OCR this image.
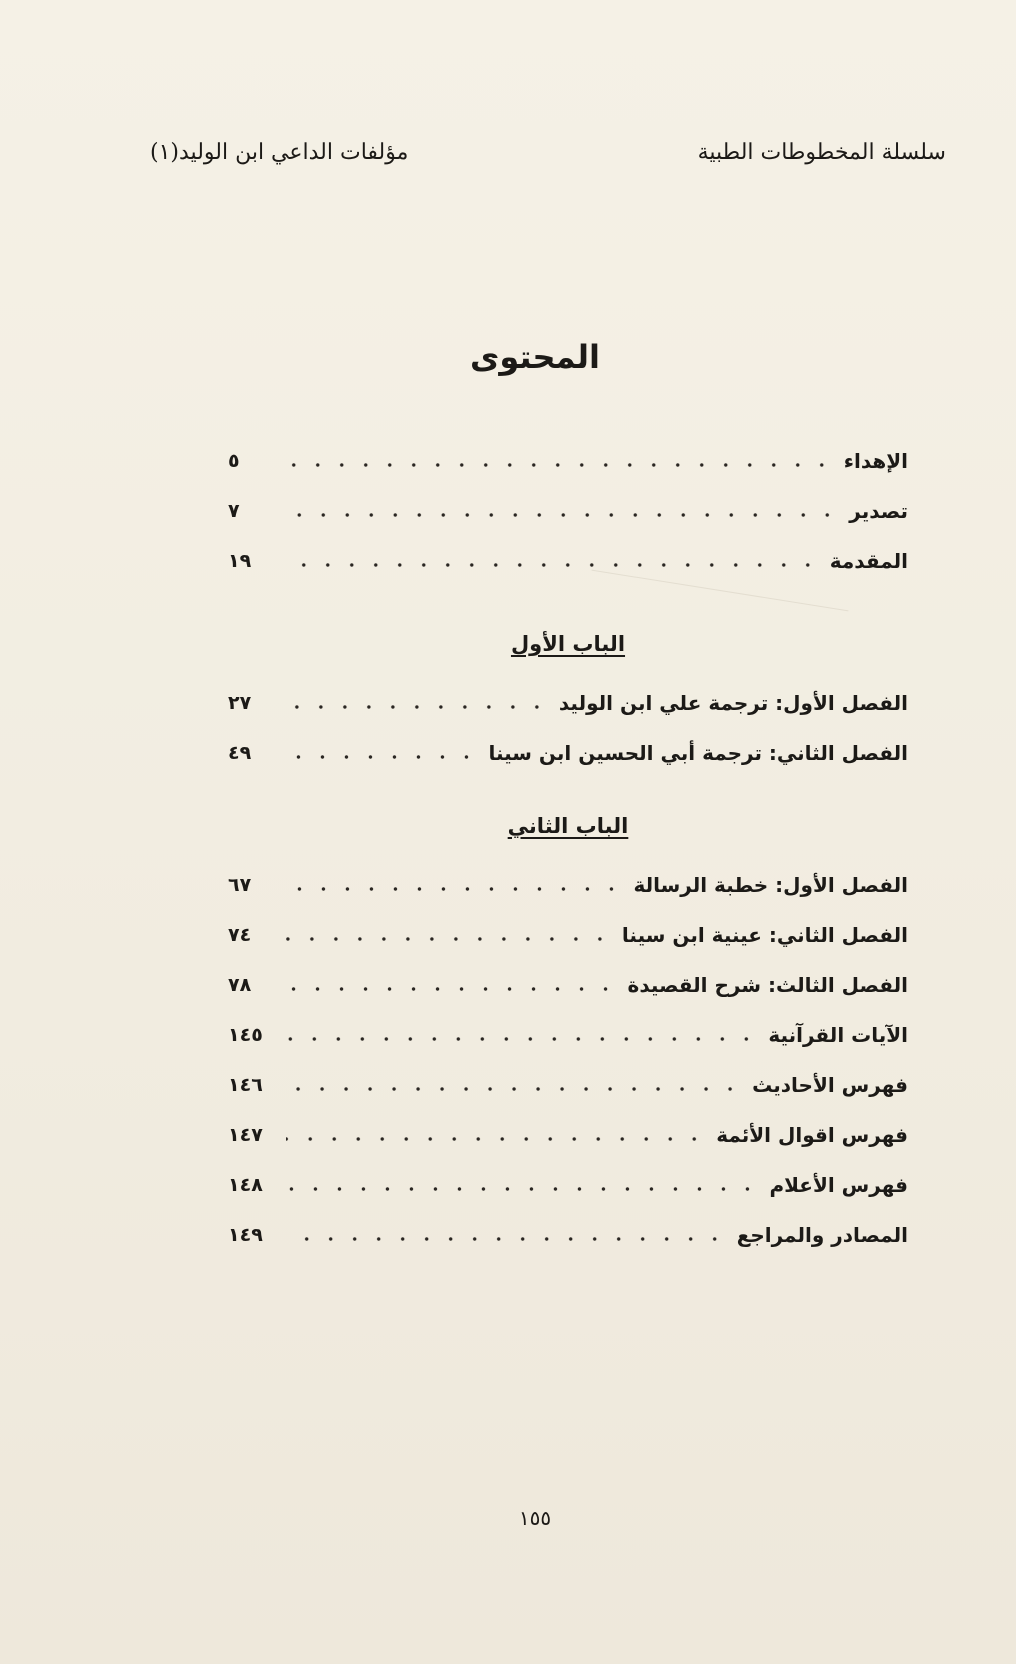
سلسلة المخطوطات الطبية
مؤلفات الداعي ابن الوليد(١)
المحتوى
الإهداء
٥
تصدير
٧
المقدمة
١٩
الباب الأول
الفصل الأول: ترجمة علي ابن الوليد
٢٧
الفصل الثاني: ترجمة أبي الحسين ابن سينا
٤٩
الباب الثاني
الفصل الأول: خطبة الرسالة
٦٧
الفصل الثاني: عينية ابن سينا
٧٤
الفصل الثالث: شرح القصيدة
٧٨
الآيات القرآنية
١٤٥
فهرس الأحاديث
١٤٦
فهرس اقوال الأئمة
١٤٧
فهرس الأعلام
١٤٨
المصادر والمراجع
١٤٩
١٥٥
